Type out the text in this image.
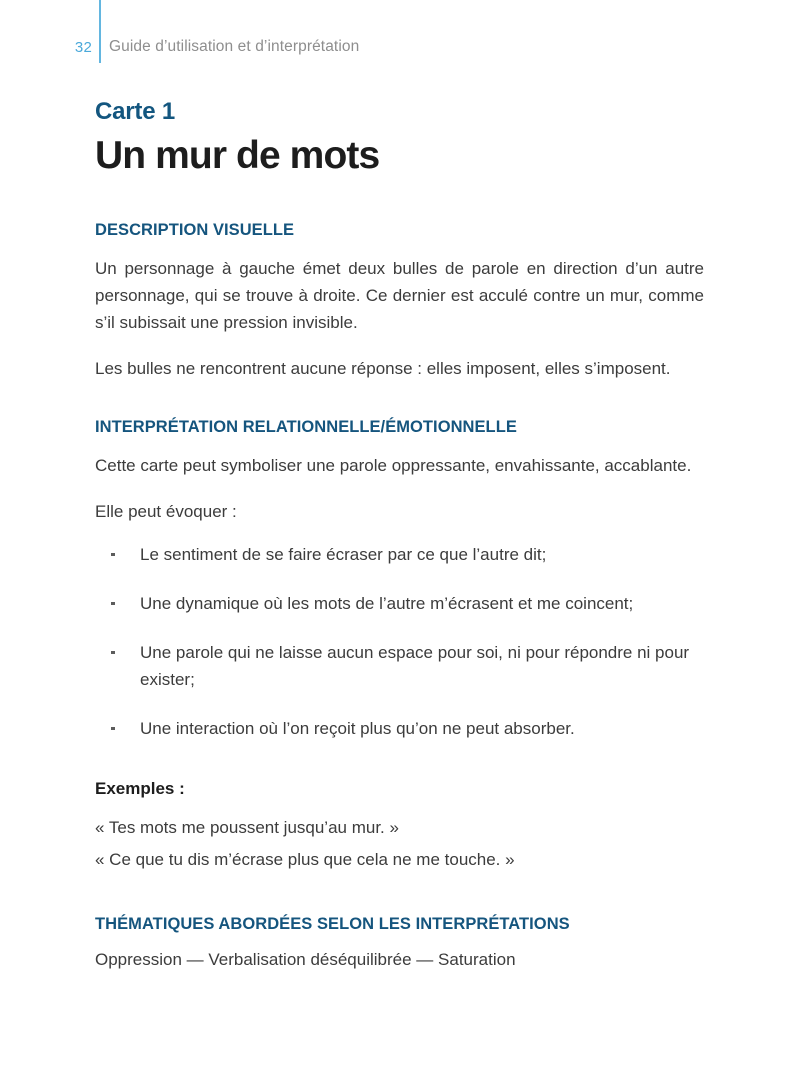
32 Guide d’utilisation et d’interprétation
Carte 1
Un mur de mots
DESCRIPTION VISUELLE

Un personnage à gauche émet deux bulles de parole en direction d’un autre personnage, qui se trouve à droite. Ce dernier est acculé contre un mur, comme s’il subissait une pression invisible.

Les bulles ne rencontrent aucune réponse : elles imposent, elles s’imposent.

INTERPRÉTATION RELATIONNELLE/ÉMOTIONNELLE

Cette carte peut symboliser une parole oppressante, envahissante, accablante.

Elle peut évoquer :

Le sentiment de se faire écraser par ce que l’autre dit;
Une dynamique où les mots de l’autre m’écrasent et me coincent;
Une parole qui ne laisse aucun espace pour soi, ni pour répondre ni pour exister;
Une interaction où l’on reçoit plus qu’on ne peut absorber.

Exemples :

« Tes mots me poussent jusqu’au mur. »

« Ce que tu dis m’écrase plus que cela ne me touche. »

THÉMATIQUES ABORDÉES SELON LES INTERPRÉTATIONS

Oppression — Verbalisation déséquilibrée — Saturation
